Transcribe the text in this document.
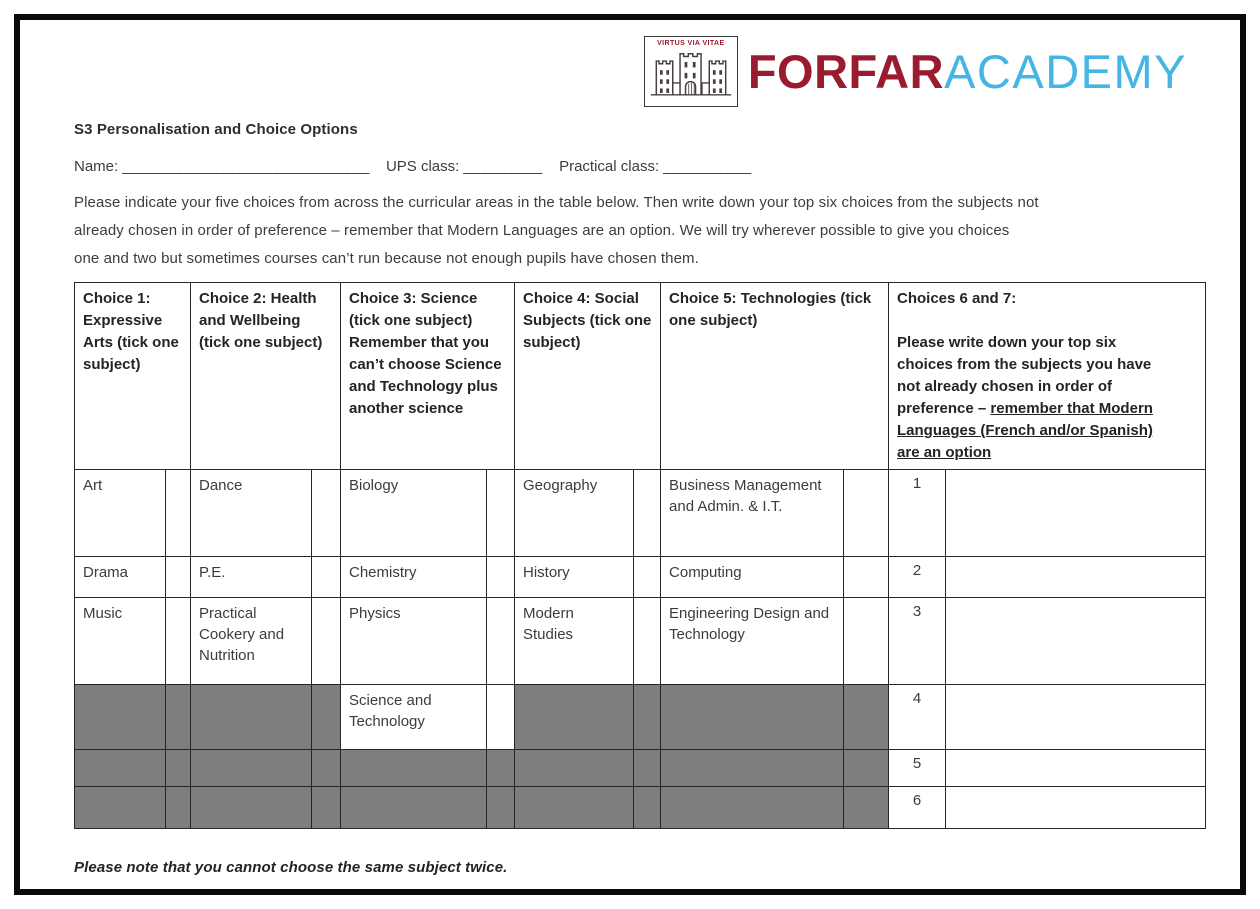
VIRTUS VIA VITAE
FORFARACADEMY
S3 Personalisation and Choice Options
Name: ____________________________ UPS class: _________ Practical class: __________
Please indicate your five choices from across the curricular areas in the table below. Then write down your top six choices from the subjects not
already chosen in order of preference – remember that Modern Languages are an option. We will try wherever possible to give you choices
one and two but sometimes courses can’t run because not enough pupils have chosen them.
Choice 1: Expressive Arts (tick one subject)		Choice 2: Health and Wellbeing (tick one subject)		Choice 3: Science (tick one subject) Remember that you can’t choose Science and Technology plus another science		Choice 4: Social Subjects (tick one subject)		Choice 5: Technologies (tick one subject)		Choices 6 and 7:
Please write down your top six choices from the subjects you have not already chosen in order of preference – remember that Modern Languages (French and/or Spanish) are an option	

Art		Dance		Biology		Geography		Business Management and Admin. & I.T.		1	
Drama		P.E.		Chemistry		History		Computing		2	
Music		Practical Cookery and Nutrition		Physics		Modern Studies		Engineering Design and Technology		3	
				Science and Technology						4	
										5	
										6	
Please note that you cannot choose the same subject twice.
